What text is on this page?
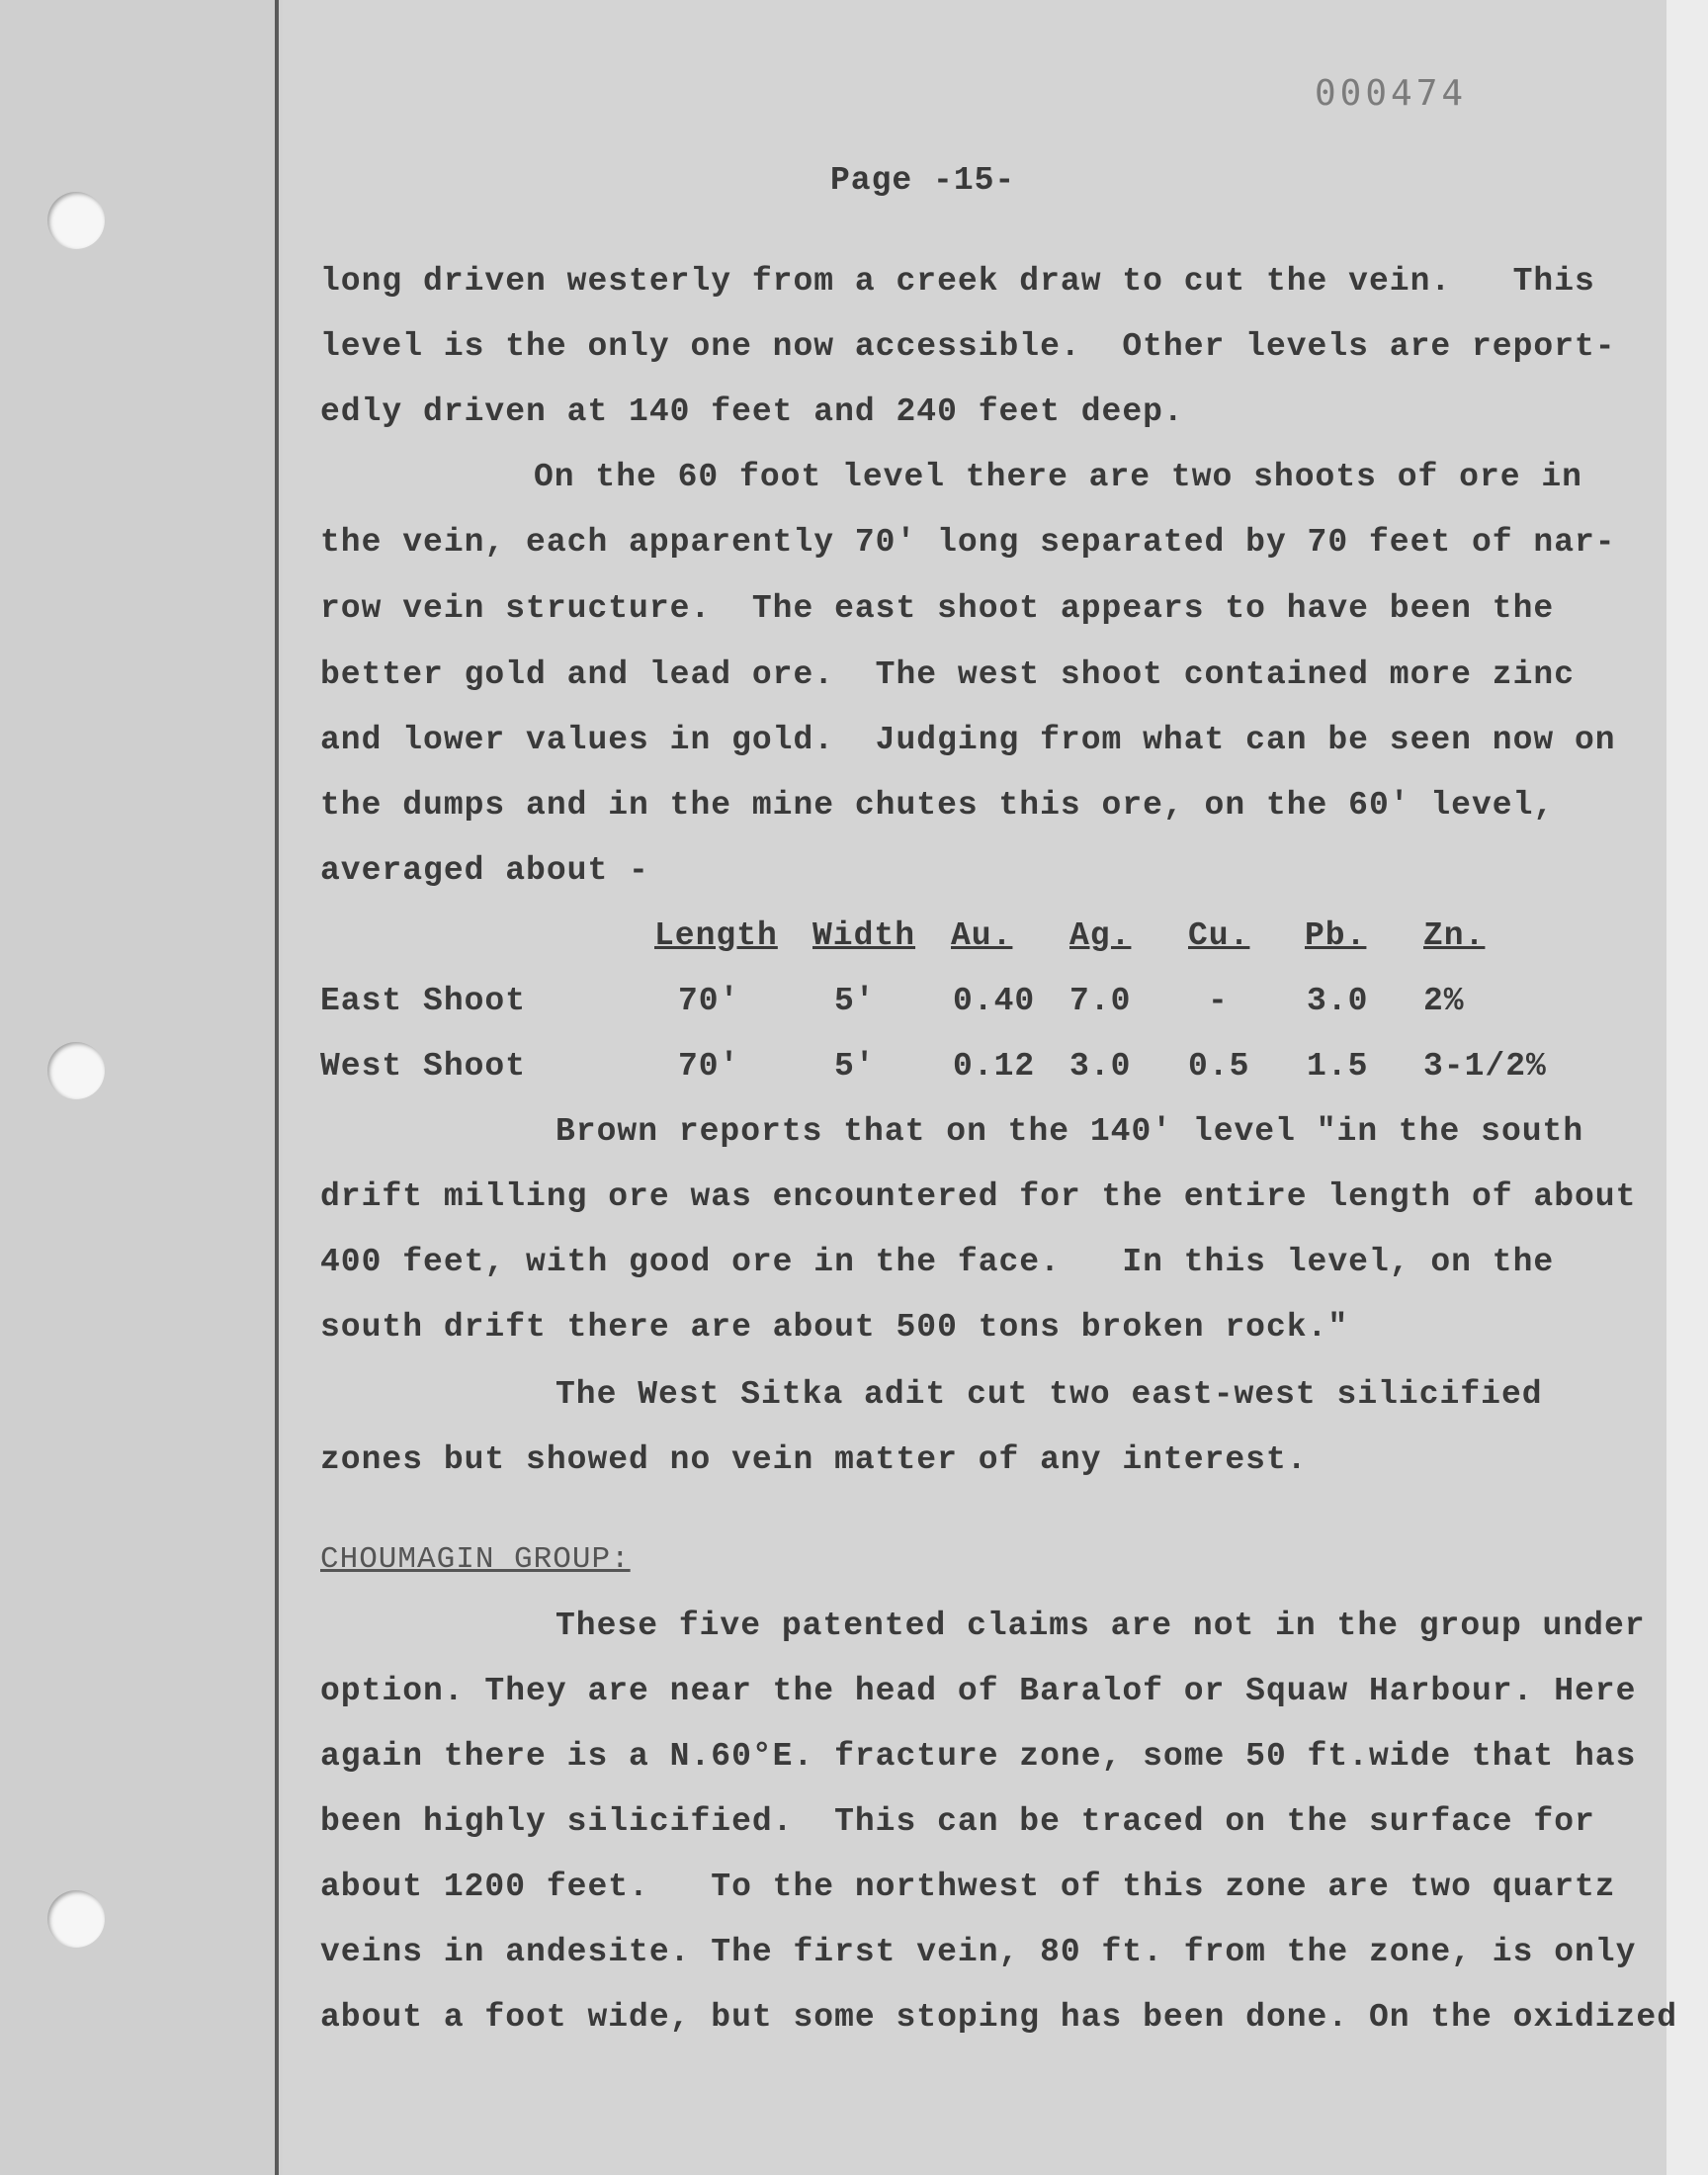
000474
Page -15-
long driven westerly from a creek draw to cut the vein.   This
level is the only one now accessible.  Other levels are report-
edly driven at 140 feet and 240 feet deep.
On the 60 foot level there are two shoots of ore in
the vein, each apparently 70' long separated by 70 feet of nar-
row vein structure.  The east shoot appears to have been the
better gold and lead ore.  The west shoot contained more zinc
and lower values in gold.  Judging from what can be seen now on
the dumps and in the mine chutes this ore, on the 60' level,
averaged about -
Length Width Au. Ag. Cu. Pb. Zn.
East Shoot	70'	5' 0.40 7.0 - 3.0 2%
West Shoot	70'	5' 0.12 3.0 0.5 1.5 3-1/2%
Brown reports that on the 140' level "in the south
drift milling ore was encountered for the entire length of about
400 feet, with good ore in the face.   In this level, on the
south drift there are about 500 tons broken rock."
The West Sitka adit cut two east-west silicified
zones but showed no vein matter of any interest.
CHOUMAGIN GROUP:
These five patented claims are not in the group under
option. They are near the head of Baralof or Squaw Harbour. Here
again there is a N.60°E. fracture zone, some 50 ft.wide that has
been highly silicified.  This can be traced on the surface for
about 1200 feet.   To the northwest of this zone are two quartz
veins in andesite. The first vein, 80 ft. from the zone, is only
about a foot wide, but some stoping has been done. On the oxidized
